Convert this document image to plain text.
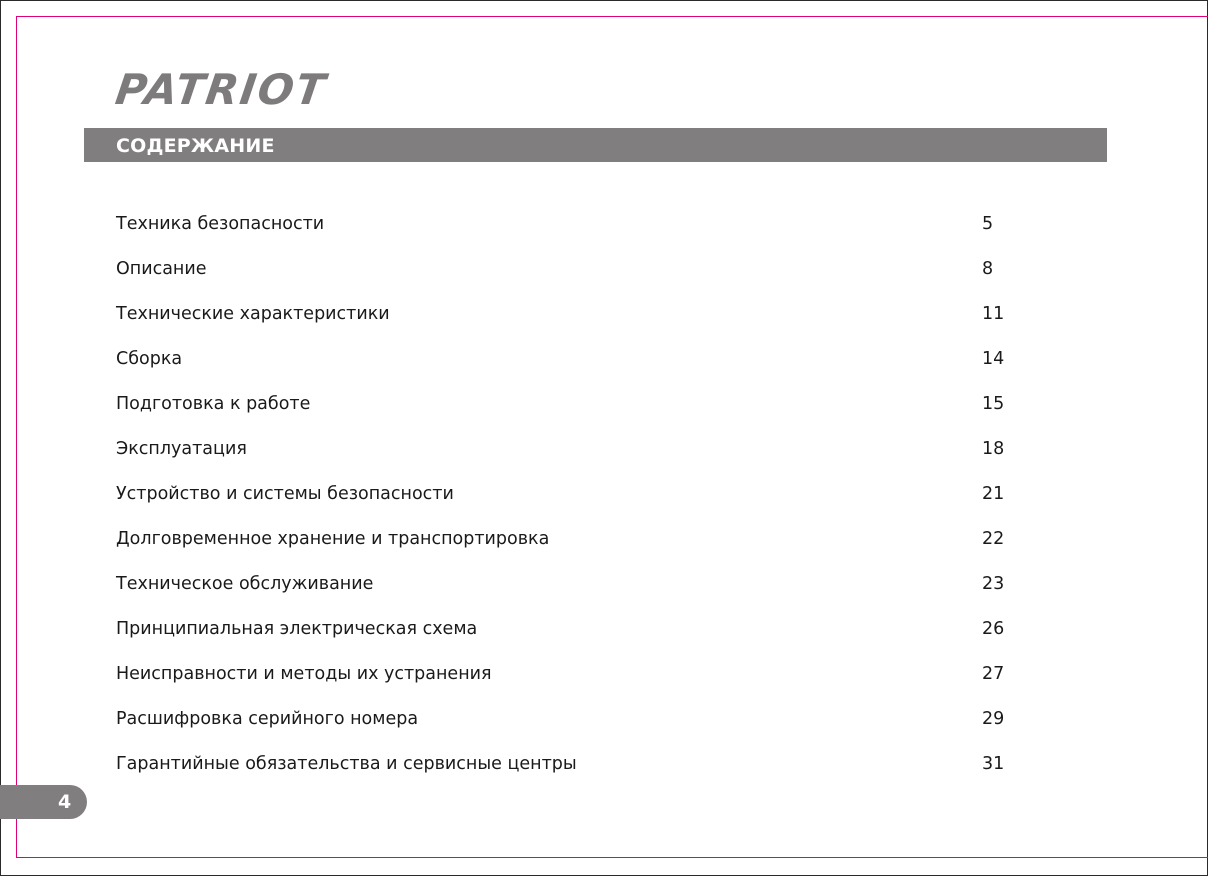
PATRIOT
СОДЕРЖАНИЕ
Техника безопасности	5
Описание	8
Технические характеристики	11
Сборка	14
Подготовка к работе	15
Эксплуатация	18
Устройство и системы безопасности	21
Долговременное хранение и транспортировка	22
Техническое обслуживание	23
Принципиальная электрическая схема	26
Неисправности и методы их устранения	27
Расшифровка серийного номера	29
Гарантийные обязательства и сервисные центры	31
4
